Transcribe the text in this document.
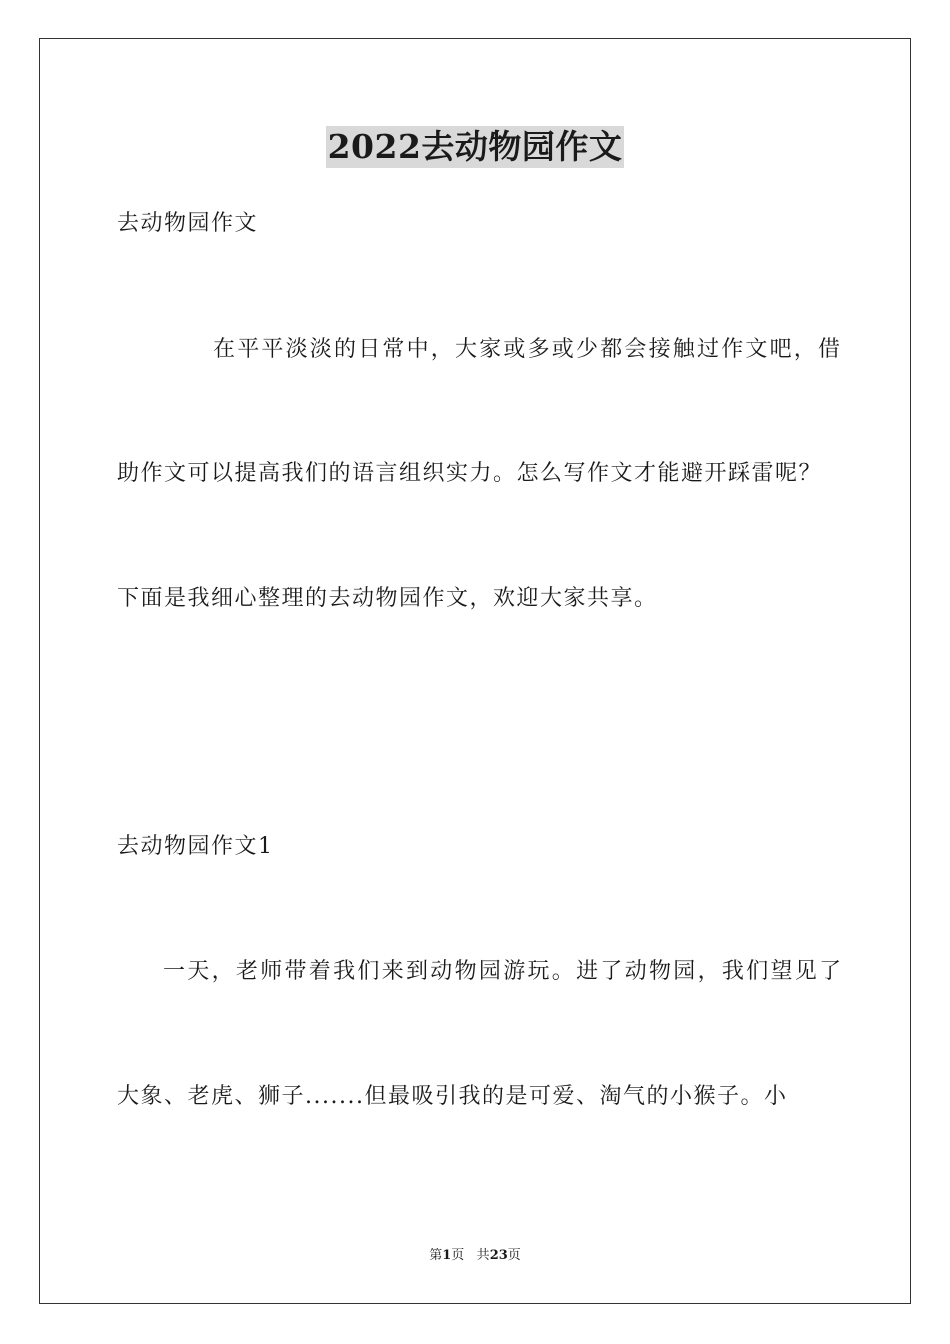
2022去动物园作文
去动物园作文
在平平淡淡的日常中，大家或多或少都会接触过作文吧，借
助作文可以提高我们的语言组织实力。怎么写作文才能避开踩雷呢？
下面是我细心整理的去动物园作文，欢迎大家共享。
去动物园作文1
一天，老师带着我们来到动物园游玩。进了动物园，我们望见了
大象、老虎、狮子.......但最吸引我的是可爱、淘气的小猴子。小
第1页 共23页
